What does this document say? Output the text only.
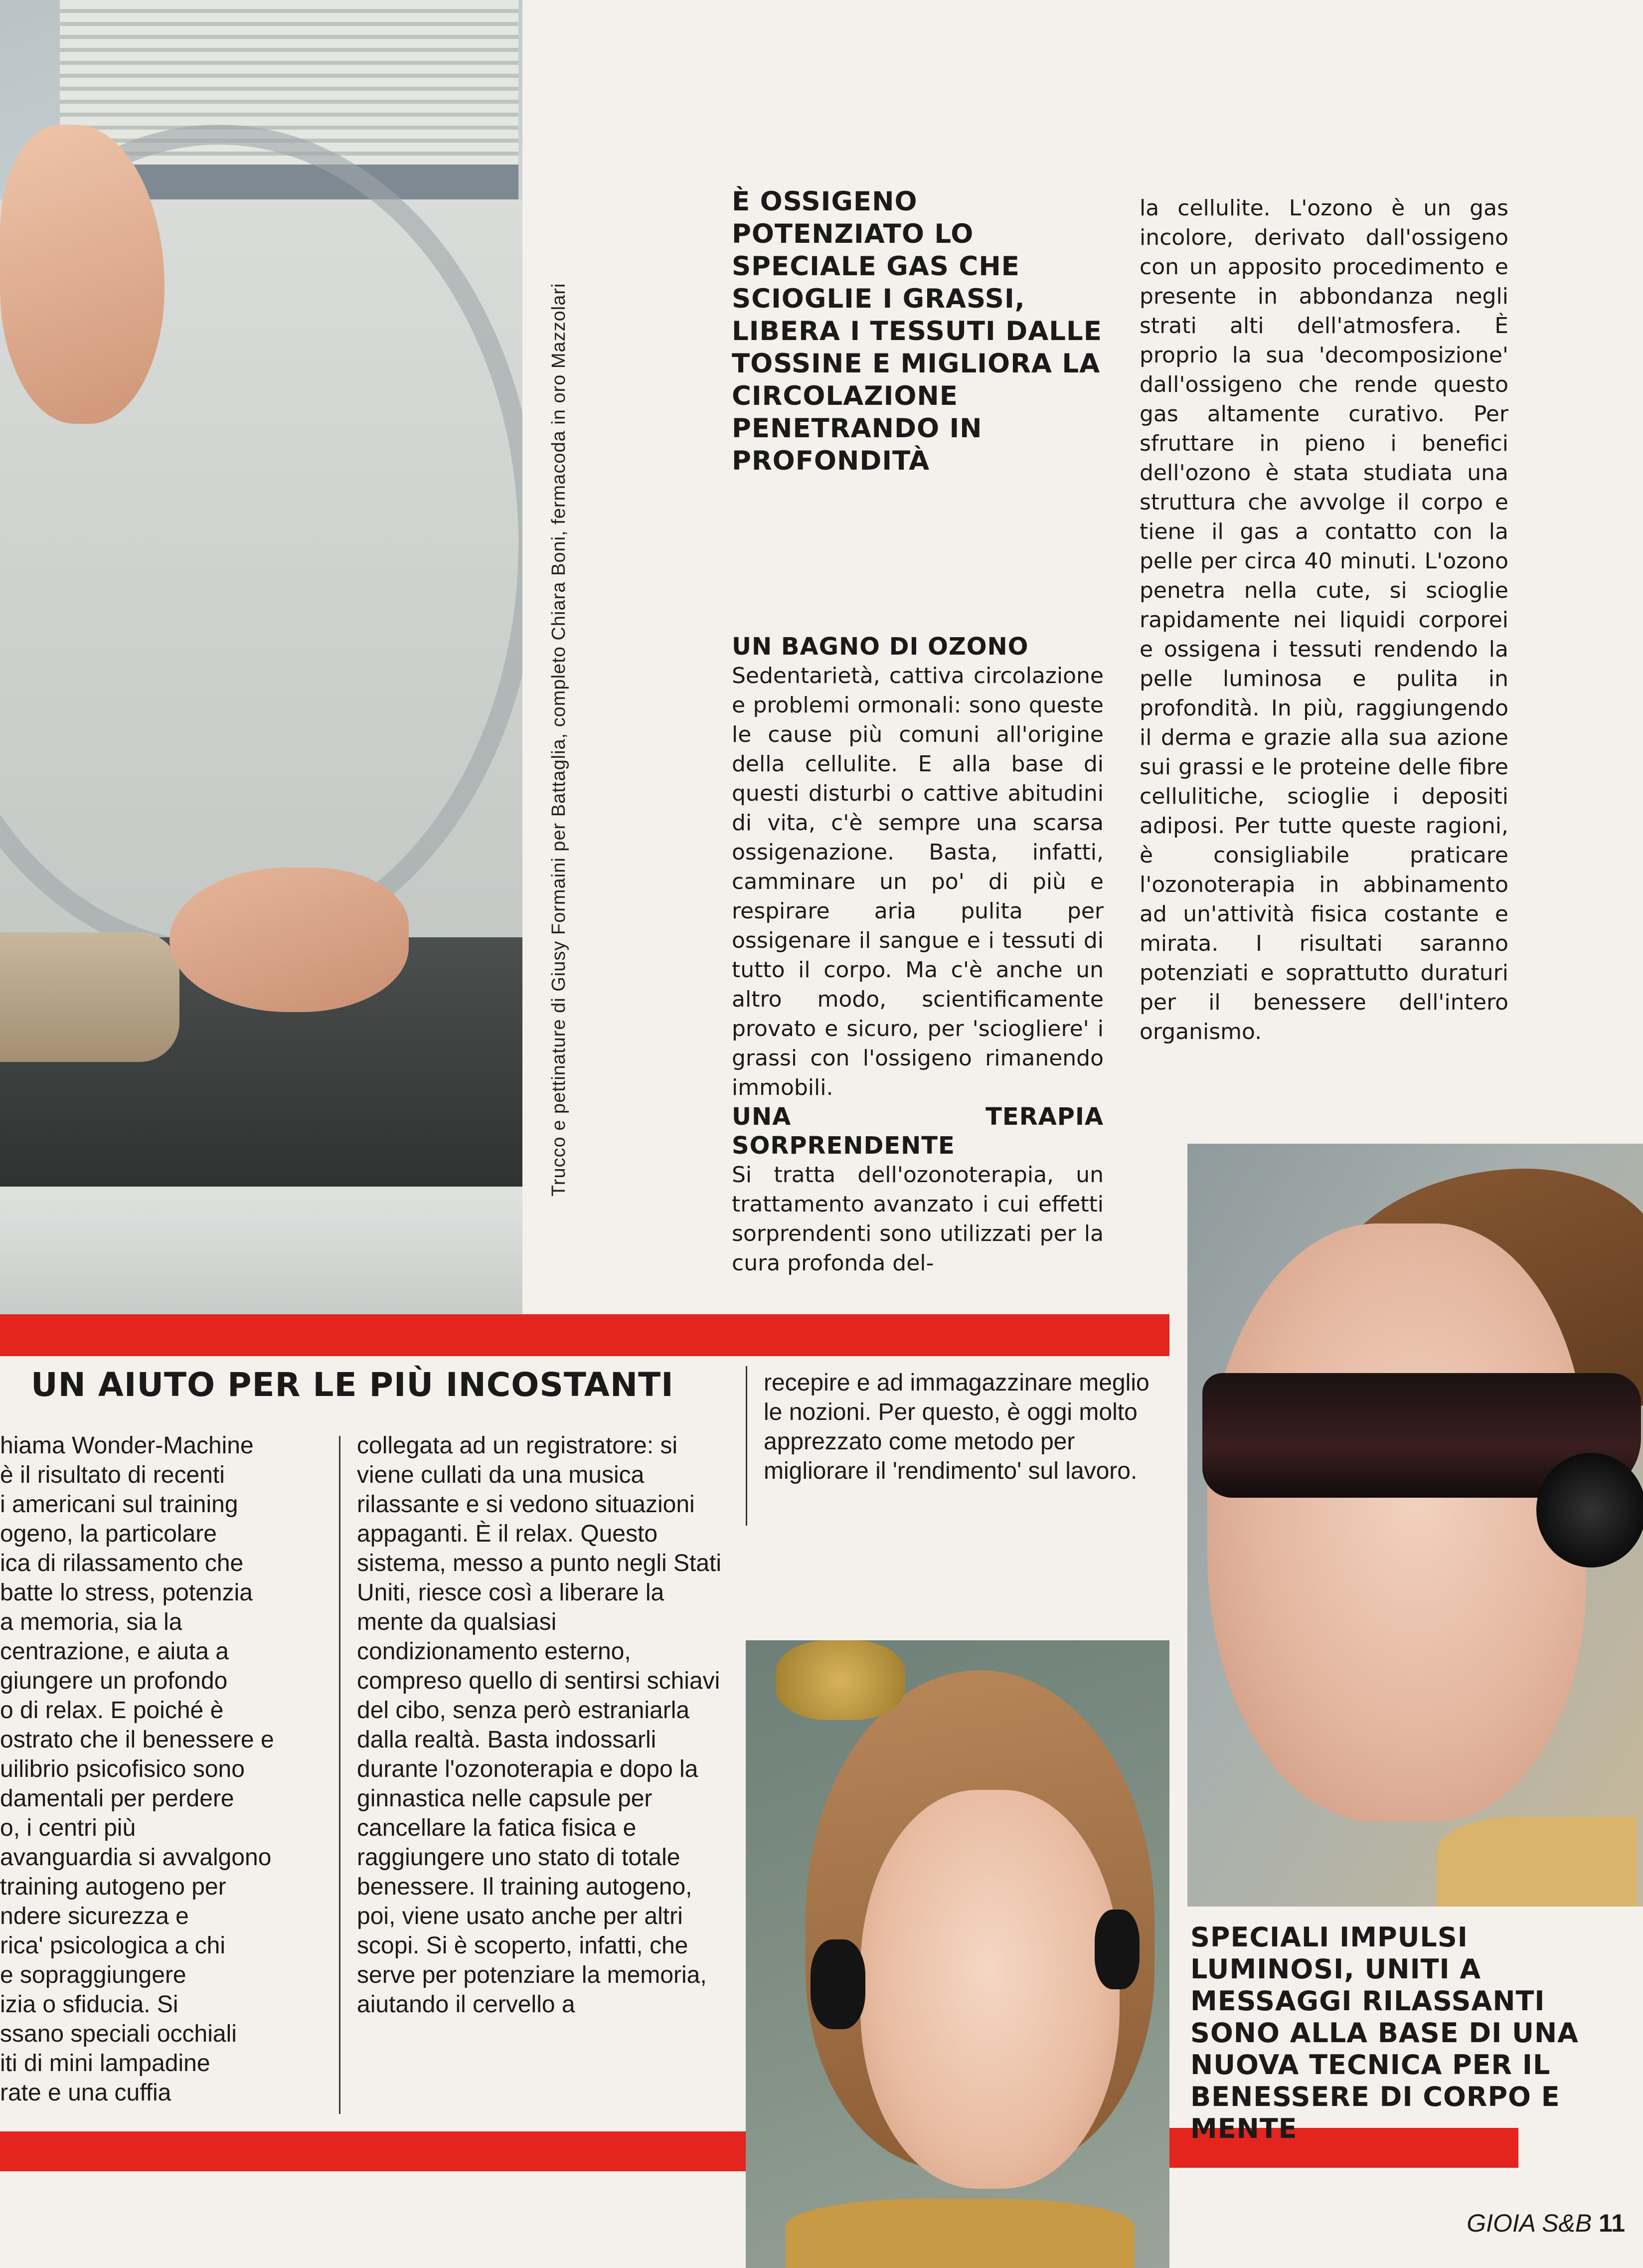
Trucco e pettinature di Giusy Formaini per Battaglia, completo Chiara Boni, fermacoda in oro Mazzolari
È OSSIGENO POTENZIATO LO SPECIALE GAS CHE SCIOGLIE I GRASSI, LIBERA I TESSUTI DALLE TOSSINE E MIGLIORA LA CIRCOLAZIONE PENETRANDO IN PROFONDITÀ

UN BAGNO DI OZONO

Sedentarietà, cattiva circolazione e problemi ormonali: sono queste le cause più comuni all'origine della cellulite. E alla base di questi disturbi o cattive abitudini di vita, c'è sempre una scarsa ossigenazione. Basta, infatti, camminare un po' di più e respirare aria pulita per ossigenare il sangue e i tessuti di tutto il corpo. Ma c'è anche un altro modo, scientificamente provato e sicuro, per 'sciogliere' i grassi con l'ossigeno rimanendo immobili.

UNA TERAPIA SORPRENDENTE

Si tratta dell'ozonoterapia, un trattamento avanzato i cui effetti sorprendenti sono utilizzati per la cura profonda del-

la cellulite. L'ozono è un gas incolore, derivato dall'ossigeno con un apposito procedimento e presente in abbondanza negli strati alti dell'atmosfera. È proprio la sua 'decomposizione' dall'ossigeno che rende questo gas altamente curativo. Per sfruttare in pieno i benefici dell'ozono è stata studiata una struttura che avvolge il corpo e tiene il gas a contatto con la pelle per circa 40 minuti. L'ozono penetra nella cute, si scioglie rapidamente nei liquidi corporei e ossigena i tessuti rendendo la pelle luminosa e pulita in profondità. In più, raggiungendo il derma e grazie alla sua azione sui grassi e le proteine delle fibre cellulitiche, scioglie i depositi adiposi. Per tutte queste ragioni, è consigliabile praticare l'ozonoterapia in abbinamento ad un'attività fisica costante e mirata. I risultati saranno potenziati e soprattutto duraturi per il benessere dell'intero organismo.

UN AIUTO PER LE PIÙ INCOSTANTI
hiama Wonder-Machine
è il risultato di recenti
i americani sul training
ogeno, la particolare
ica di rilassamento che
batte lo stress, potenzia
a memoria, sia la
centrazione, e aiuta a
giungere un profondo
o di relax. E poiché è
ostrato che il benessere e
uilibrio psicofisico sono
damentali per perdere
o, i centri più
avanguardia si avvalgono
training autogeno per
ndere sicurezza e
rica' psicologica a chi
e sopraggiungere
izia o sfiducia. Si
ssano speciali occhiali
iti di mini lampadine
rate e una cuffia
collegata ad un registratore: si viene cullati da una musica rilassante e si vedono situazioni appaganti. È il relax. Questo sistema, messo a punto negli Stati Uniti, riesce così a liberare la mente da qualsiasi condizionamento esterno, compreso quello di sentirsi schiavi del cibo, senza però estraniarla dalla realtà. Basta indossarli durante l'ozonoterapia e dopo la ginnastica nelle capsule per cancellare la fatica fisica e raggiungere uno stato di totale benessere. Il training autogeno, poi, viene usato anche per altri scopi. Si è scoperto, infatti, che serve per potenziare la memoria, aiutando il cervello a
recepire e ad immagazzinare meglio le nozioni. Per questo, è oggi molto apprezzato come metodo per migliorare il 'rendimento' sul lavoro.
SPECIALI IMPULSI LUMINOSI, UNITI A MESSAGGI RILASSANTI SONO ALLA BASE DI UNA NUOVA TECNICA PER IL BENESSERE DI CORPO E MENTE
GIOIA S&B 11
